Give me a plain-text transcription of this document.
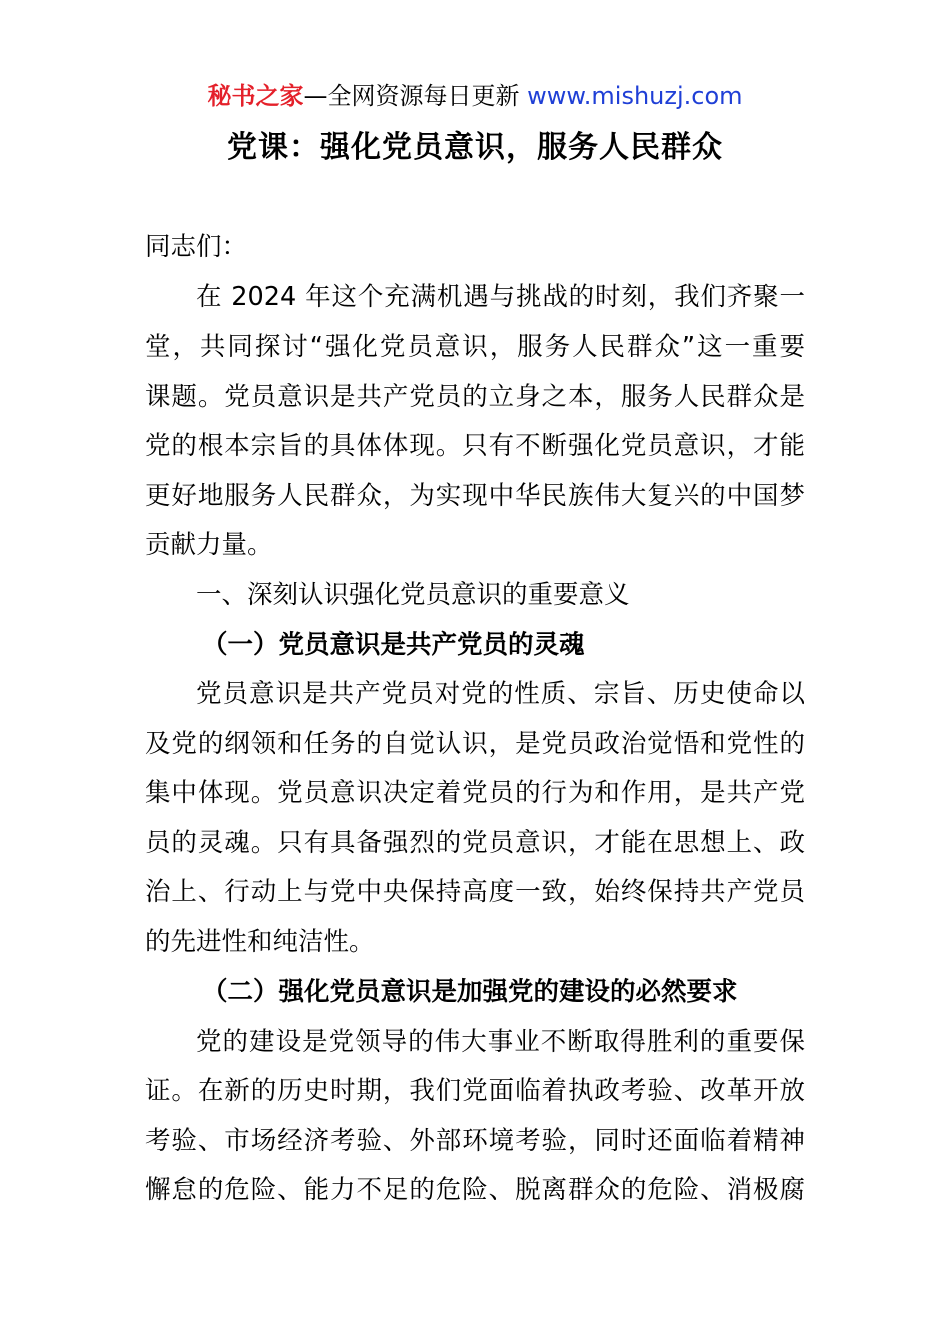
秘书之家—全网资源每日更新 www.mishuzj.com
党课：强化党员意识，服务人民群众
同志们：
在 2024 年这个充满机遇与挑战的时刻，我们齐聚一
堂，共同探讨“强化党员意识，服务人民群众”这一重要
课题。党员意识是共产党员的立身之本，服务人民群众是
党的根本宗旨的具体体现。只有不断强化党员意识，才能
更好地服务人民群众，为实现中华民族伟大复兴的中国梦
贡献力量。
一、深刻认识强化党员意识的重要意义
（一）党员意识是共产党员的灵魂
党员意识是共产党员对党的性质、宗旨、历史使命以
及党的纲领和任务的自觉认识，是党员政治觉悟和党性的
集中体现。党员意识决定着党员的行为和作用，是共产党
员的灵魂。只有具备强烈的党员意识，才能在思想上、政
治上、行动上与党中央保持高度一致，始终保持共产党员
的先进性和纯洁性。
（二）强化党员意识是加强党的建设的必然要求
党的建设是党领导的伟大事业不断取得胜利的重要保
证。在新的历史时期，我们党面临着执政考验、改革开放
考验、市场经济考验、外部环境考验，同时还面临着精神
懈怠的危险、能力不足的危险、脱离群众的危险、消极腐
